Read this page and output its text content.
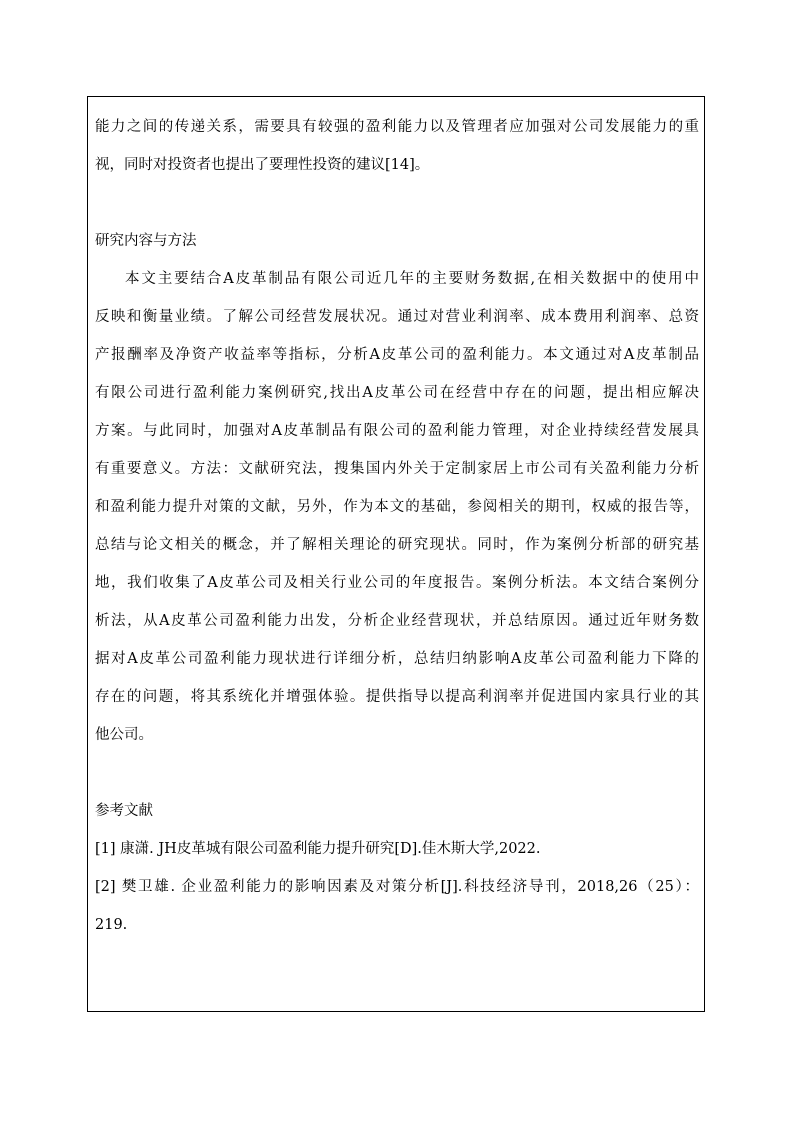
能力之间的传递关系，需要具有较强的盈利能力以及管理者应加强对公司发展能力的重
视，同时对投资者也提出了要理性投资的建议[14]。
研究内容与方法
本文主要结合A皮革制品有限公司近几年的主要财务数据,在相关数据中的使用中
反映和衡量业绩。了解公司经营发展状况。通过对营业利润率、成本费用利润率、总资
产报酬率及净资产收益率等指标，分析A皮革公司的盈利能力。本文通过对A皮革制品
有限公司进行盈利能力案例研究,找出A皮革公司在经营中存在的问题，提出相应解决
方案。与此同时，加强对A皮革制品有限公司的盈利能力管理，对企业持续经营发展具
有重要意义。方法：文献研究法，搜集国内外关于定制家居上市公司有关盈利能力分析
和盈利能力提升对策的文献，另外，作为本文的基础，参阅相关的期刊，权威的报告等，
总结与论文相关的概念，并了解相关理论的研究现状。同时，作为案例分析部的研究基
地，我们收集了A皮革公司及相关行业公司的年度报告。案例分析法。本文结合案例分
析法，从A皮革公司盈利能力出发，分析企业经营现状，并总结原因。通过近年财务数
据对A皮革公司盈利能力现状进行详细分析，总结归纳影响A皮革公司盈利能力下降的
存在的问题，将其系统化并增强体验。提供指导以提高利润率并促进国内家具行业的其
他公司。
参考文献
[1] 康潇. JH皮革城有限公司盈利能力提升研究[D].佳木斯大学,2022.
[2] 樊卫雄. 企业盈利能力的影响因素及对策分析[J].科技经济导刊，2018,26（25）：
219.
